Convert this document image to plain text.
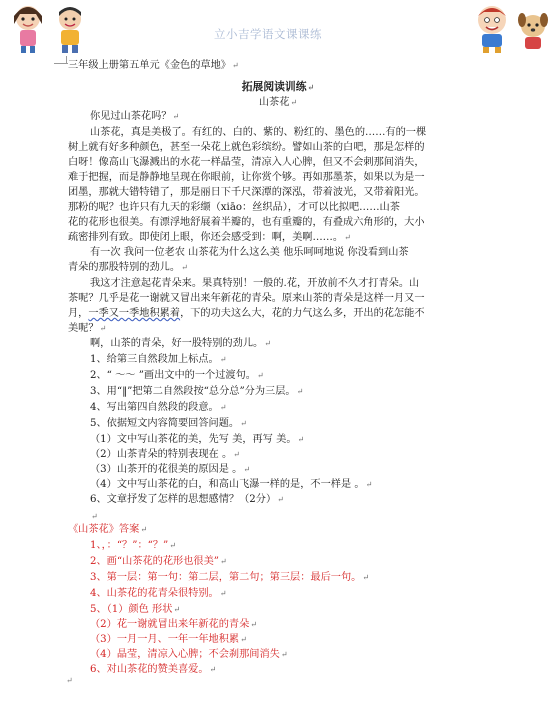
立小吉学语文课课练
三年级上册第五单元《金色的草地》↵
拓展阅读训练↵
山茶花↵
你见过山茶花吗？↵
山茶花，真是美极了。有红的、白的、紫的、粉红的、墨色的……有的一棵
树上就有好多种颜色，甚至一朵花上就色彩缤纷。譬如山茶的白吧，那是怎样的
白呀！像高山飞瀑溅出的水花一样晶莹，清凉入人心脾，但又不会刺那间消失，
难于把握，而是静静地呈现在你眼前，让你赏个够。再如那墨茶，如果以为是一
团墨，那就大错特错了，那是丽日下千尺深潭的深泓，带着波光，又带着阳光。
那粉的呢？也许只有九天的彩缬（xiāo：丝织品），才可以比拟吧……山茶
花的花形也很美。有漂浮地舒展着半瓣的，也有重瓣的，有叠成六角形的，大小
疏密排列有致。即使闭上眼，你还会感受到：啊，美啊……。↵
有一次 我问一位老农 山茶花为什么这么美 他乐呵呵地说 你没看到山茶
青朵的那股特别的劲儿。↵
我这才注意起花青朵来。果真特别！一般的.花，开放前不久才打青朵。山
茶呢？几乎是花一谢就又冒出来年新花的青朵。原来山茶的青朵是这样一月又一
月，一季又一季地积累着，下的功夫这么大，花的力气这么多，开出的花怎能不
美呢？↵
啊，山茶的青朵，好一股特别的劲儿。↵
1、给第三自然段加上标点。↵
2、“ ～～ ”画出文中的一个过渡句。↵
3、用“‖”把第二自然段按“总分总”分为三层。↵
4、写出第四自然段的段意。↵
5、依据短文内容简要回答问题。↵
（1）文中写山茶花的美，先写 美，再写 美。↵
（2）山茶青朵的特别表现在 。↵
（3）山茶开的花很美的原因是 。↵
（4）文中写山茶花的白，和高山飞瀑一样的是，不一样是 。↵
6、文章抒发了怎样的思想感情？（2分）↵
↵
《山茶花》答案↵
1、，：“？”：“？”↵
2、画“山茶花的花形也很美”↵
3、第一层：第一句：第二层，第二句；第三层：最后一句。↵
4、山茶花的花青朵很特别。↵
5、（1）颜色 形状↵
（2）花一谢就冒出来年新花的青朵↵
（3）一月一月、一年一年地积累↵
（4）晶莹，清凉入心脾；不会刹那间消失↵
6、对山茶花的赞美喜爱。↵
↵
